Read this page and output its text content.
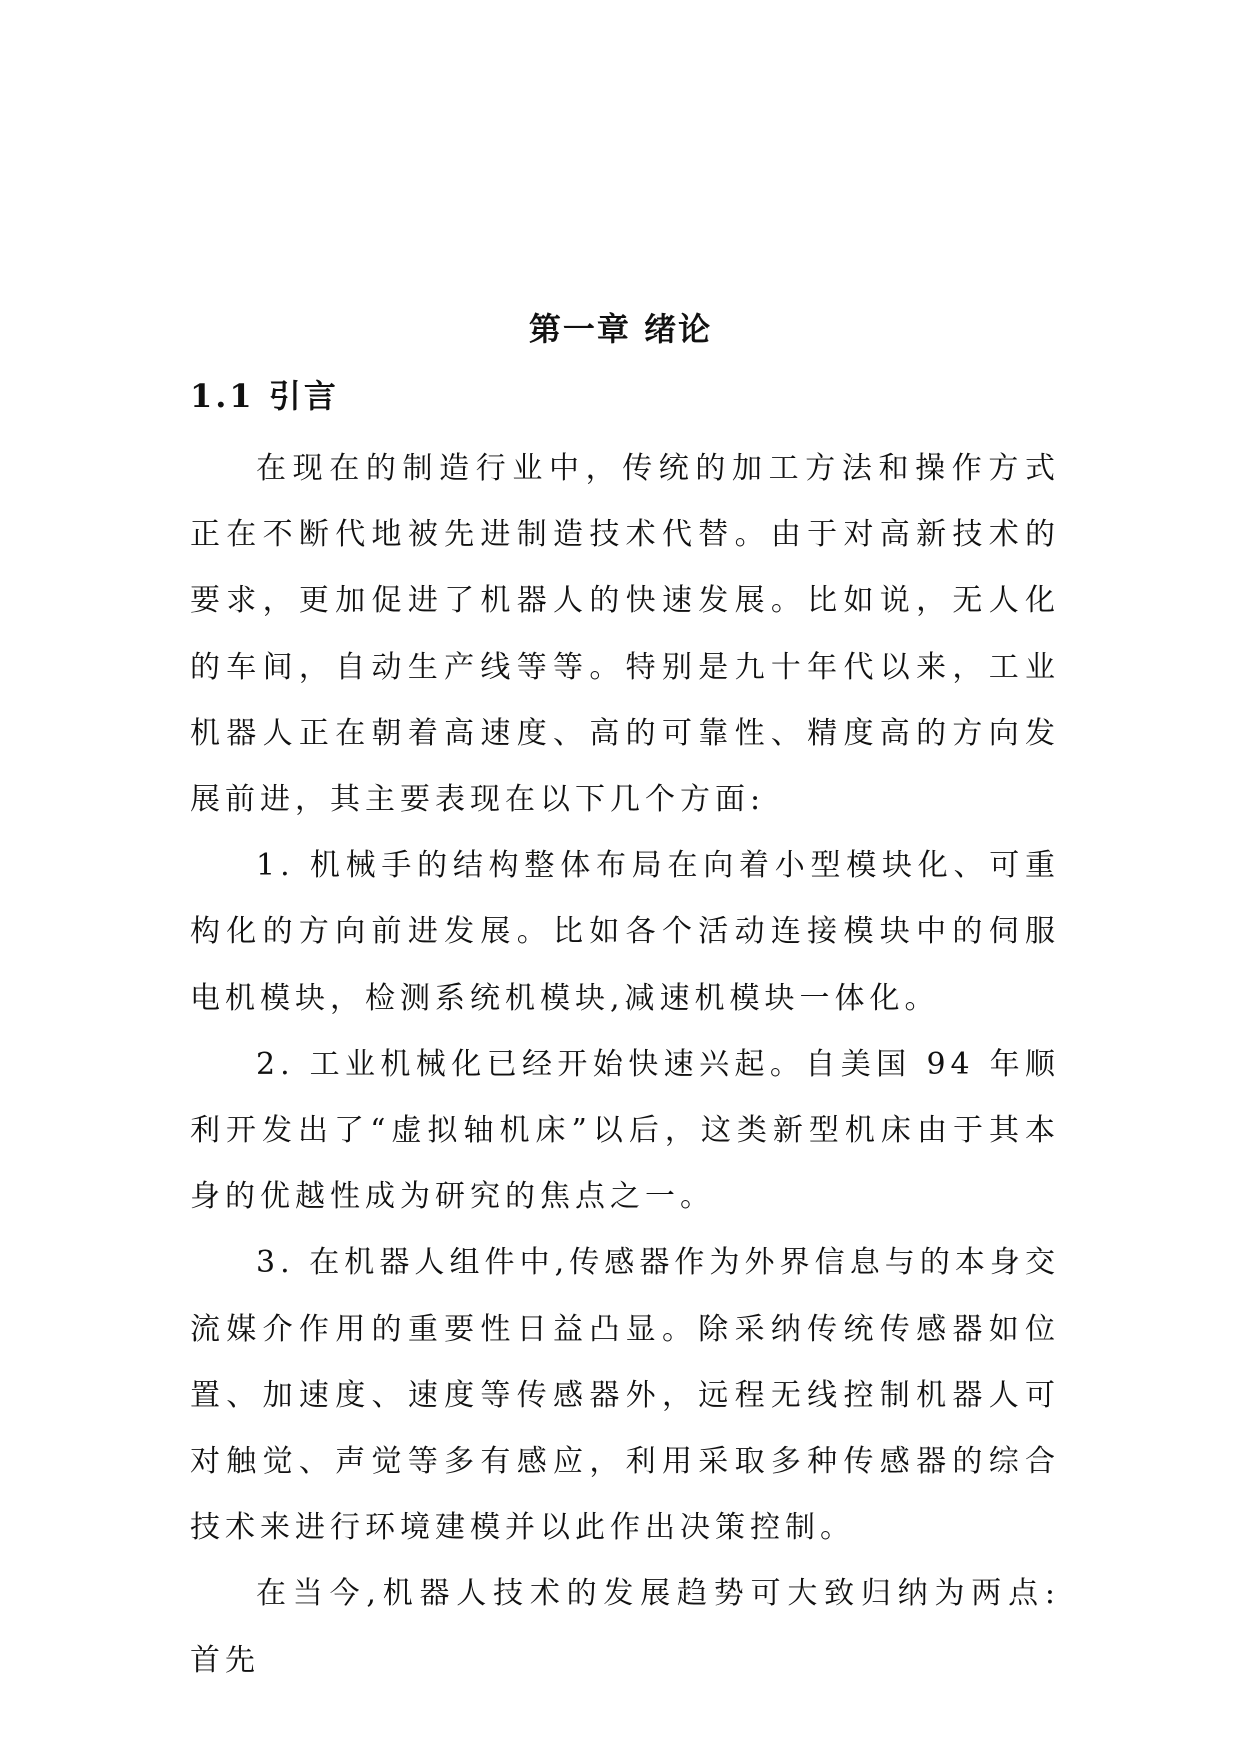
第一章 绪论
1.1 引言

在现在的制造行业中，传统的加工方法和操作方式正在不断代地被先进制造技术代替。由于对高新技术的要求，更加促进了机器人的快速发展。比如说，无人化的车间，自动生产线等等。特别是九十年代以来，工业机器人正在朝着高速度、高的可靠性、精度高的方向发展前进，其主要表现在以下几个方面:

1. 机械手的结构整体布局在向着小型模块化、可重构化的方向前进发展。比如各个活动连接模块中的伺服电机模块，检测系统机模块,减速机模块一体化。

2. 工业机械化已经开始快速兴起。自美国 94 年顺利开发出了“虚拟轴机床”以后，这类新型机床由于其本身的优越性成为研究的焦点之一。

3. 在机器人组件中,传感器作为外界信息与的本身交流媒介作用的重要性日益凸显。除采纳传统传感器如位置、加速度、速度等传感器外，远程无线控制机器人可对触觉、声觉等多有感应，利用采取多种传感器的综合技术来进行环境建模并以此作出决策控制。

在当今,机器人技术的发展趋势可大致归纳为两点: 首先
